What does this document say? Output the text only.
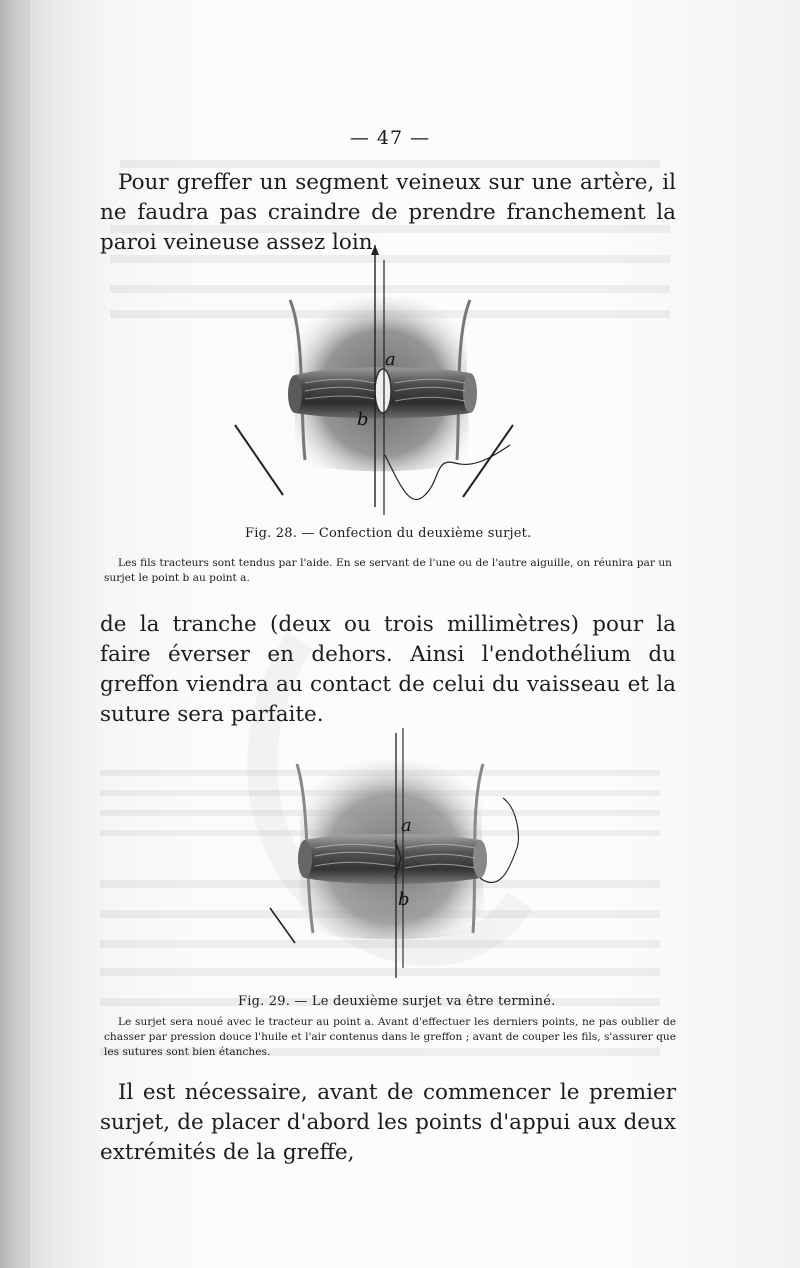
— 47 —

Pour greffer un segment veineux sur une artère, il ne faudra pas craindre de prendre franchement la paroi veineuse assez loin

a
b
Fig. 28. — Confection du deuxième surjet.
Les fils tracteurs sont tendus par l'aide. En se servant de l'une ou de l'autre aiguille, on réunira par un surjet le point b au point a.

de la tranche (deux ou trois millimètres) pour la faire éverser en dehors. Ainsi l'endothélium du greffon viendra au contact de celui du vaisseau et la suture sera parfaite.

a
b
Fig. 29. — Le deuxième surjet va être terminé.
Le surjet sera noué avec le tracteur au point a. Avant d'effectuer les derniers points, ne pas oublier de chasser par pression douce l'huile et l'air contenus dans le greffon ; avant de couper les fils, s'assurer que les sutures sont bien étanches.

Il est nécessaire, avant de commencer le premier surjet, de placer d'abord les points d'appui aux deux extrémités de la greffe,
